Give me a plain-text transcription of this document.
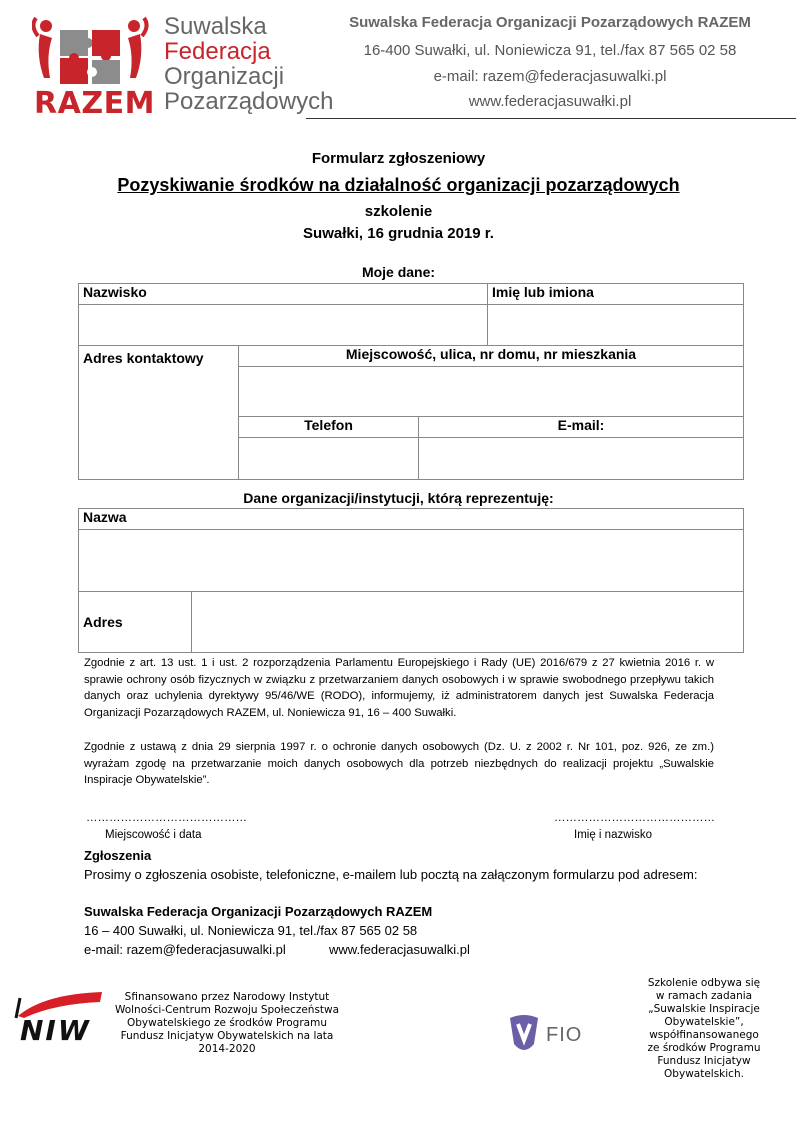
RAZEM
Suwalska
Federacja
Organizacji
Pozarządowych
Suwalska Federacja Organizacji Pozarządowych RAZEM
16-400 Suwałki, ul. Noniewicza 91, tel./fax 87 565 02 58
e-mail: razem@federacjasuwalki.pl
www.federacjasuwałki.pl
Formularz zgłoszeniowy
Pozyskiwanie środków na działalność organizacji pozarządowych
szkolenie
Suwałki, 16 grudnia 2019 r.
Moje dane:
Nazwisko	Imię lub imiona

Adres kontaktowy	Miejscowość, ulica, nr domu, nr mieszkania	

	Telefon	E-mail:

Dane organizacji/instytucji, którą reprezentuję:
Nazwa

Adres	
Zgodnie z art. 13 ust. 1 i ust. 2 rozporządzenia Parlamentu Europejskiego i Rady (UE) 2016/679 z 27 kwietnia 2016 r. w sprawie ochrony osób fizycznych w związku z przetwarzaniem danych osobowych i w sprawie swobodnego przepływu takich danych oraz uchylenia dyrektywy 95/46/WE (RODO), informujemy, iż administratorem danych jest Suwalska Federacja Organizacji Pozarządowych RAZEM, ul. Noniewicza 91, 16 – 400 Suwałki.
Zgodnie z ustawą z dnia 29 sierpnia 1997 r. o ochronie danych osobowych (Dz. U. z 2002 r. Nr 101, poz. 926, ze zm.) wyrażam zgodę na przetwarzanie moich danych osobowych dla potrzeb niezbędnych do realizacji projektu „Suwalskie Inspiracje Obywatelskie”.
……………………………………
Miejscowość i data
……………………………………
Imię i nazwisko
Zgłoszenia
Prosimy o zgłoszenia osobiste, telefoniczne, e-mailem lub pocztą na załączonym formularzu pod adresem:
Suwalska Federacja Organizacji Pozarządowych RAZEM
16 – 400 Suwałki, ul. Noniewicza 91, tel./fax 87 565 02 58
e-mail: razem@federacjasuwalki.pl	www.federacjasuwalki.pl
NIW
Sfinansowano przez Narodowy Instytut Wolności-Centrum Rozwoju Społeczeństwa Obywatelskiego ze środków Programu Fundusz Inicjatyw Obywatelskich na lata 2014-2020
FIO
Szkolenie odbywa się w ramach zadania „Suwalskie Inspiracje Obywatelskie”, współfinansowanego ze środków Programu Fundusz Inicjatyw Obywatelskich.
